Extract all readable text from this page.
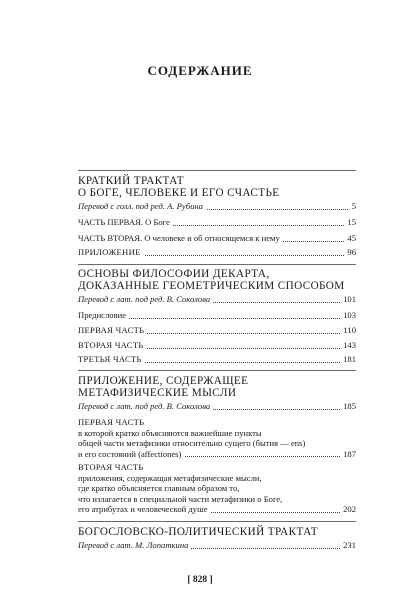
СОДЕРЖАНИЕ
КРАТКИЙ ТРАКТАТ
О БОГЕ, ЧЕЛОВЕКЕ И ЕГО СЧАСТЬЕ
Перевод с голл. под ред. А. Рубина	5
ЧАСТЬ ПЕРВАЯ. О Боге	15
ЧАСТЬ ВТОРАЯ. О человеке и об относящемся к нему	45
ПРИЛОЖЕНИЕ	96
ОСНОВЫ ФИЛОСОФИИ ДЕКАРТА,
ДОКАЗАННЫЕ ГЕОМЕТРИЧЕСКИМ СПОСОБОМ
Перевод с лат. под ред. В. Соколова	101
Предисловие	103
ПЕРВАЯ ЧАСТЬ	110
ВТОРАЯ ЧАСТЬ	143
ТРЕТЬЯ ЧАСТЬ	181
ПРИЛОЖЕНИЕ, СОДЕРЖАЩЕЕ
МЕТАФИЗИЧЕСКИЕ МЫСЛИ
Перевод с лат. под ред. В. Соколова	185
ПЕРВАЯ ЧАСТЬ
в которой кратко объясняются важнейшие пункты
общей части метафизики относительно сущего (бытия — ens)
и его состояний (affectiones)	187
ВТОРАЯ ЧАСТЬ
приложения, содержащая метафизические мысли,
где кратко объясняется главным образом то,
что излагается в специальной части метафизики о Боге,
его атрибутах и человеческой душе	202
БОГОСЛОВСКО-ПОЛИТИЧЕСКИЙ ТРАКТАТ
Перевод с лат. М. Лопаткина	231
[ 828 ]
